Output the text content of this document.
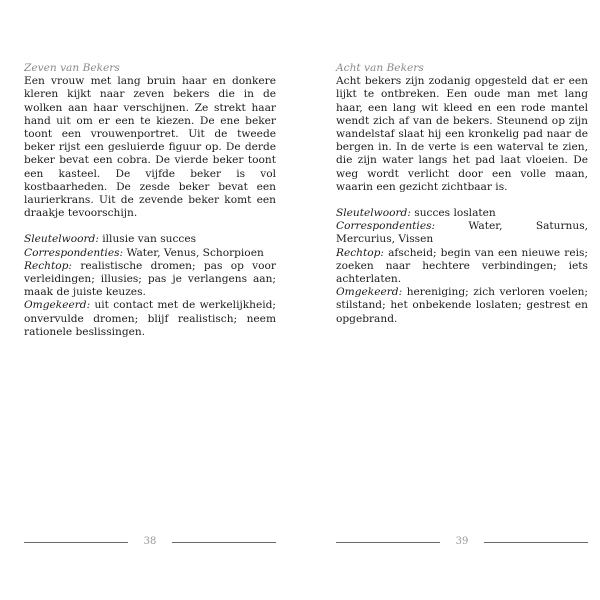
Zeven van Bekers

Een vrouw met lang bruin haar en donkere kleren kijkt naar zeven bekers die in de wolken aan haar verschijnen. Ze strekt haar hand uit om er een te kiezen. De ene beker toont een vrouwenportret. Uit de tweede beker rijst een gesluierde figuur op. De derde beker bevat een cobra. De vierde beker toont een kasteel. De vijfde beker is vol kostbaarheden. De zesde beker bevat een laurierkrans. Uit de zevende beker komt een draakje tevoorschijn.

Sleutelwoord: illusie van succes

Correspondenties: Water, Venus, Schorpioen

Rechtop: realistische dromen; pas op voor verleidingen; illusies; pas je verlangens aan; maak de juiste keuzes.

Omgekeerd: uit contact met de werkelijkheid; onvervulde dromen; blijf realistisch; neem rationele beslissingen.

Acht van Bekers

Acht bekers zijn zodanig opgesteld dat er een lijkt te ontbreken. Een oude man met lang haar, een lang wit kleed en een rode mantel wendt zich af van de bekers. Steunend op zijn wandelstaf slaat hij een kronkelig pad naar de bergen in. In de verte is een waterval te zien, die zijn water langs het pad laat vloeien. De weg wordt verlicht door een volle maan, waarin een gezicht zichtbaar is.

Sleutelwoord: succes loslaten

Correspondenties: Water, Saturnus, Mercurius, Vissen

Rechtop: afscheid; begin van een nieuwe reis; zoeken naar hechtere verbindingen; iets achterlaten.

Omgekeerd: hereniging; zich verloren voelen; stilstand; het onbekende loslaten; gestrest en opgebrand.

38	39
